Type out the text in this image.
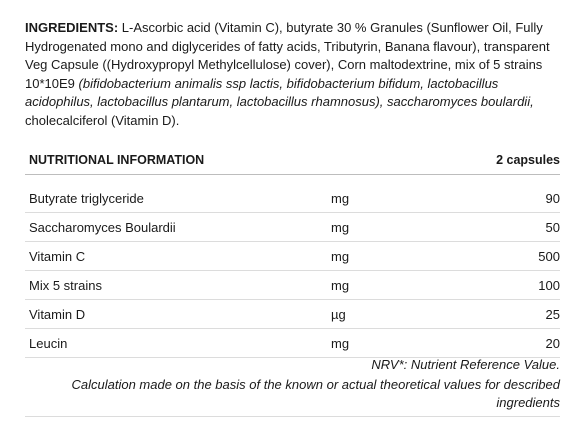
INGREDIENTS: L-Ascorbic acid (Vitamin C), butyrate 30 % Granules (Sunflower Oil, Fully Hydrogenated mono and diglycerides of fatty acids, Tributyrin, Banana flavour), transparent Veg Capsule ((Hydroxypropyl Methylcellulose) cover), Corn maltodextrine, mix of 5 strains 10*10E9 (bifidobacterium animalis ssp lactis, bifidobacterium bifidum, lactobacillus acidophilus, lactobacillus plantarum, lactobacillus rhamnosus), saccharomyces boulardii, cholecalciferol (Vitamin D).
NUTRITIONAL INFORMATION	2 capsules
Butyrate triglyceride	mg	90
Saccharomyces Boulardii	mg	50
Vitamin C	mg	500
Mix 5 strains	mg	100
Vitamin D	µg	25
Leucin	mg	20
NRV*: Nutrient Reference Value.
Calculation made on the basis of the known or actual theoretical values for described ingredients
